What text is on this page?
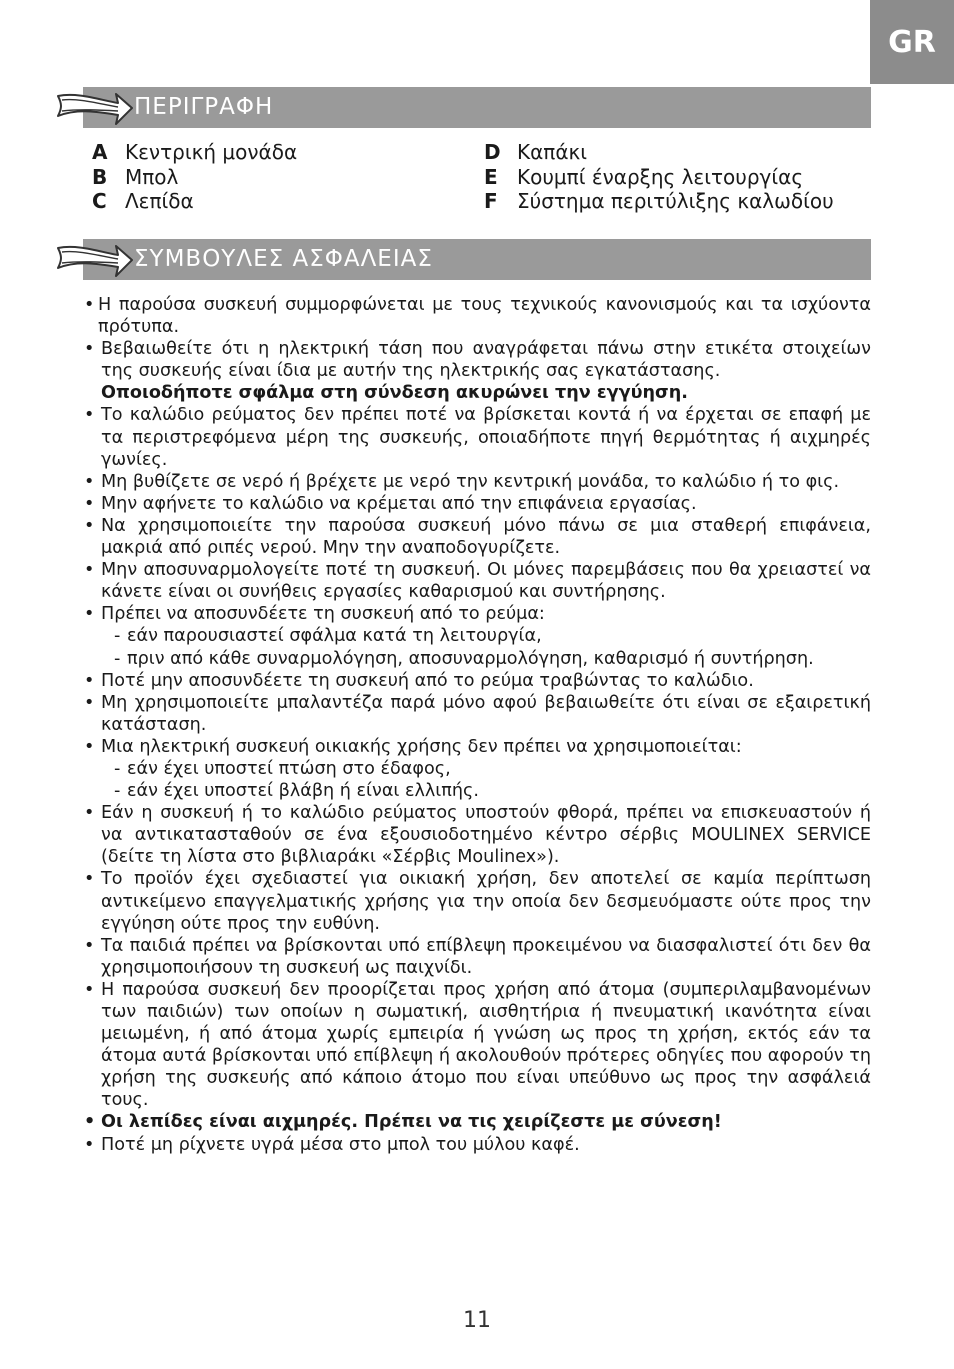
GR
ΠΕΡΙΓΡΑΦΗ
A Κεντρική μονάδα
B Μπολ
C Λεπίδα
D Καπάκι
E Κουμπί έναρξης λειτουργίας
F Σύστημα περιτύλιξης καλωδίου
ΣΥΜΒΟΥΛΕΣ ΑΣΦΑΛΕΙΑΣ
• Η παρούσα συσκευή συμμορφώνεται με τους τεχνικούς κανονισμούς και τα ισχύοντα πρότυπα.
• Βεβαιωθείτε ότι η ηλεκτρική τάση που αναγράφεται πάνω στην ετικέτα στοιχείων της συσκευής είναι ίδια με αυτήν της ηλεκτρικής σας εγκατάστασης.
Οποιοδήποτε σφάλμα στη σύνδεση ακυρώνει την εγγύηση.
• Το καλώδιο ρεύματος δεν πρέπει ποτέ να βρίσκεται κοντά ή να έρχεται σε επαφή με τα περιστρεφόμενα μέρη της συσκευής, οποιαδήποτε πηγή θερμότητας ή αιχμηρές γωνίες.
• Μη βυθίζετε σε νερό ή βρέχετε με νερό την κεντρική μονάδα, το καλώδιο ή το φις.
• Μην αφήνετε το καλώδιο να κρέμεται από την επιφάνεια εργασίας.
• Να χρησιμοποιείτε την παρούσα συσκευή μόνο πάνω σε μια σταθερή επιφάνεια, μακριά από ριπές νερού. Μην την αναποδογυρίζετε.
• Μην αποσυναρμολογείτε ποτέ τη συσκευή. Οι μόνες παρεμβάσεις που θα χρειαστεί να κάνετε είναι οι συνήθεις εργασίες καθαρισμού και συντήρησης.
• Πρέπει να αποσυνδέετε τη συσκευή από το ρεύμα:
- εάν παρουσιαστεί σφάλμα κατά τη λειτουργία,
- πριν από κάθε συναρμολόγηση, αποσυναρμολόγηση, καθαρισμό ή συντήρηση.
• Ποτέ μην αποσυνδέετε τη συσκευή από το ρεύμα τραβώντας το καλώδιο.
• Μη χρησιμοποιείτε μπαλαντέζα παρά μόνο αφού βεβαιωθείτε ότι είναι σε εξαιρετική κατάσταση.
• Μια ηλεκτρική συσκευή οικιακής χρήσης δεν πρέπει να χρησιμοποιείται:
- εάν έχει υποστεί πτώση στο έδαφος,
- εάν έχει υποστεί βλάβη ή είναι ελλιπής.
• Εάν η συσκευή ή το καλώδιο ρεύματος υποστούν φθορά, πρέπει να επισκευαστούν ή να αντικατασταθούν σε ένα εξουσιοδοτημένο κέντρο σέρβις MOULINEX SERVICE (δείτε τη λίστα στο βιβλιαράκι «Σέρβις Moulinex»).
• Το προϊόν έχει σχεδιαστεί για οικιακή χρήση, δεν αποτελεί σε καμία περίπτωση αντικείμενο επαγγελματικής χρήσης για την οποία δεν δεσμευόμαστε ούτε προς την εγγύηση ούτε προς την ευθύνη.
• Τα παιδιά πρέπει να βρίσκονται υπό επίβλεψη προκειμένου να διασφαλιστεί ότι δεν θα χρησιμοποιήσουν τη συσκευή ως παιχνίδι.
• Η παρούσα συσκευή δεν προορίζεται προς χρήση από άτομα (συμπεριλαμβανομένων των παιδιών) των οποίων η σωματική, αισθητήρια ή πνευματική ικανότητα είναι μειωμένη, ή από άτομα χωρίς εμπειρία ή γνώση ως προς τη χρήση, εκτός εάν τα άτομα αυτά βρίσκονται υπό επίβλεψη ή ακολουθούν πρότερες οδηγίες που αφορούν τη χρήση της συσκευής από κάποιο άτομο που είναι υπεύθυνο ως προς την ασφάλειά τους.
• Οι λεπίδες είναι αιχμηρές. Πρέπει να τις χειρίζεστε με σύνεση!
• Ποτέ μη ρίχνετε υγρά μέσα στο μπολ του μύλου καφέ.
11
